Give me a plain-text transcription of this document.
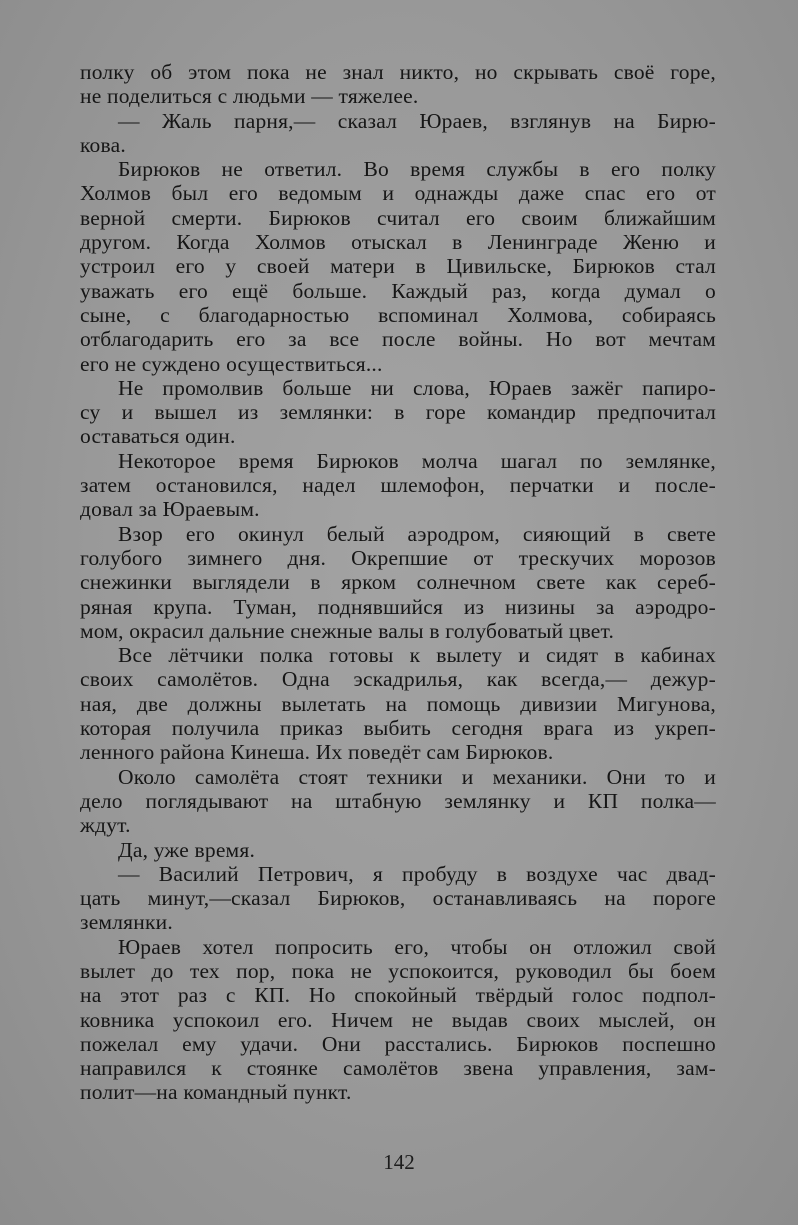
полку об этом пока не знал никто, но скрывать своё горе,
не поделиться с людьми — тяжелее.
— Жаль парня,— сказал Юраев, взглянув на Бирю-
кова.
Бирюков не ответил. Во время службы в его полку
Холмов был его ведомым и однажды даже спас его от
верной смерти. Бирюков считал его своим ближайшим
другом. Когда Холмов отыскал в Ленинграде Женю и
устроил его у своей матери в Цивильске, Бирюков стал
уважать его ещё больше. Каждый раз, когда думал о
сыне, с благодарностью вспоминал Холмова, собираясь
отблагодарить его за все после войны. Но вот мечтам
его не суждено осуществиться...
Не промолвив больше ни слова, Юраев зажёг папиро-
су и вышел из землянки: в горе командир предпочитал
оставаться один.
Некоторое время Бирюков молча шагал по землянке,
затем остановился, надел шлемофон, перчатки и после-
довал за Юраевым.
Взор его окинул белый аэродром, сияющий в свете
голубого зимнего дня. Окрепшие от трескучих морозов
снежинки выглядели в ярком солнечном свете как сереб-
ряная крупа. Туман, поднявшийся из низины за аэродро-
мом, окрасил дальние снежные валы в голубоватый цвет.
Все лётчики полка готовы к вылету и сидят в кабинах
своих самолётов. Одна эскадрилья, как всегда,— дежур-
ная, две должны вылетать на помощь дивизии Мигунова,
которая получила приказ выбить сегодня врага из укреп-
ленного района Кинеша. Их поведёт сам Бирюков.
Около самолёта стоят техники и механики. Они то и
дело поглядывают на штабную землянку и КП полка—
ждут.
Да, уже время.
— Василий Петрович, я пробуду в воздухе час двад-
цать минут,—сказал Бирюков, останавливаясь на пороге
землянки.
Юраев хотел попросить его, чтобы он отложил свой
вылет до тех пор, пока не успокоится, руководил бы боем
на этот раз с КП. Но спокойный твёрдый голос подпол-
ковника успокоил его. Ничем не выдав своих мыслей, он
пожелал ему удачи. Они расстались. Бирюков поспешно
направился к стоянке самолётов звена управления, зам-
полит—на командный пункт.
142
